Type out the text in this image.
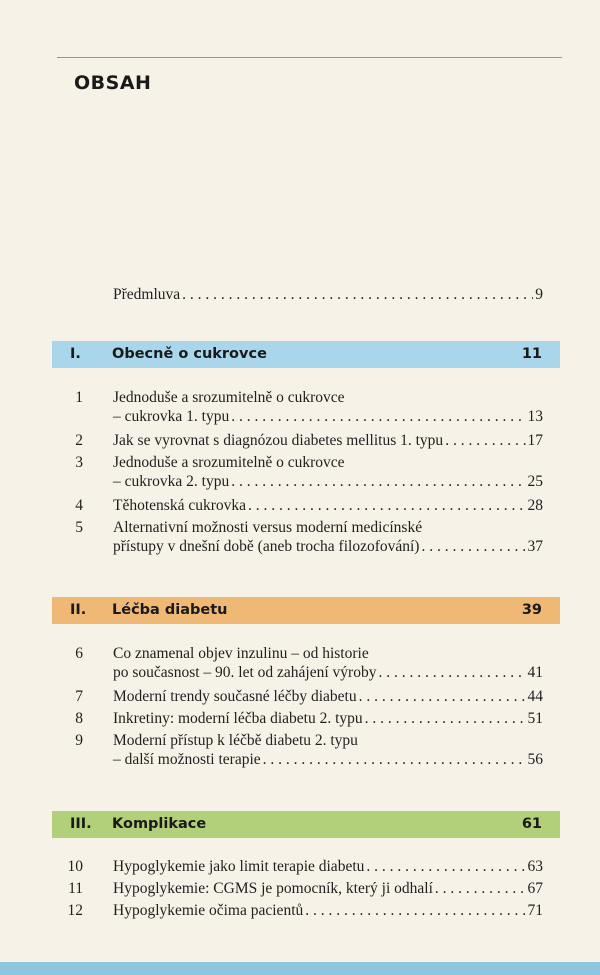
OBSAH
Předmluva . . .	9
I. Obecně o cukrovce	11
1 Jednoduše a srozumitelně o cukrovce
– cukrovka 1. typu . . .	13
2 Jak se vyrovnat s diagnózou diabetes mellitus 1. typu . . .	17
3 Jednoduše a srozumitelně o cukrovce
– cukrovka 2. typu . . .	25
4 Těhotenská cukrovka . . .	28
5 Alternativní možnosti versus moderní medicínské
přístupy v dnešní době (aneb trocha filozofování) . . .	37
II. Léčba diabetu	39
6 Co znamenal objev inzulinu – od historie
po současnost – 90. let od zahájení výroby . . .	41
7 Moderní trendy současné léčby diabetu . . .	44
8 Inkretiny: moderní léčba diabetu 2. typu . . .	51
9 Moderní přístup k léčbě diabetu 2. typu
– další možnosti terapie . . .	56
III. Komplikace	61
10 Hypoglykemie jako limit terapie diabetu . . .	63
11 Hypoglykemie: CGMS je pomocník, který ji odhalí . . .	67
12 Hypoglykemie očima pacientů . . .	71
